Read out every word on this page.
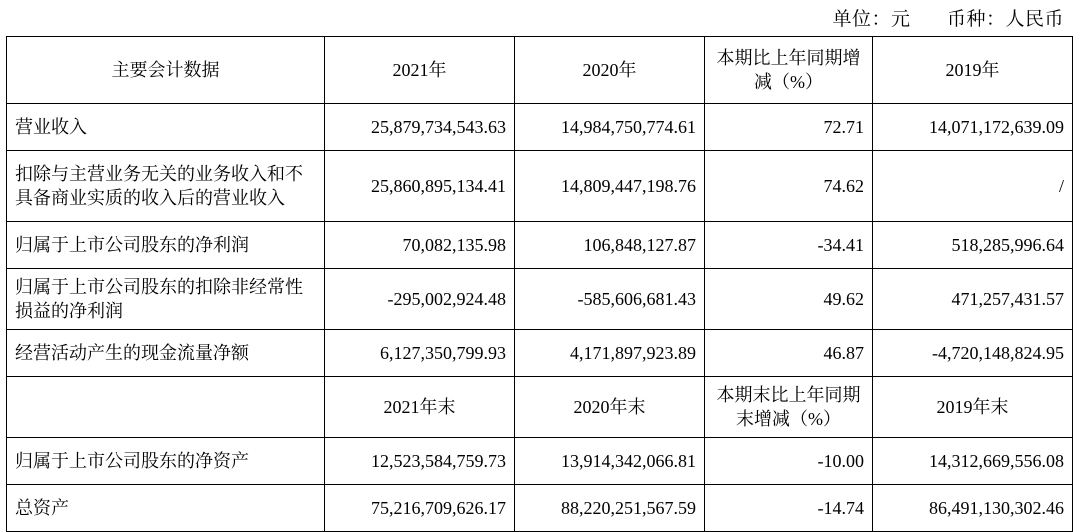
单位：元 币种：人民币
主要会计数据	2021年	2020年	本期比上年同期增减（%）	2019年
营业收入	25,879,734,543.63	14,984,750,774.61	72.71	14,071,172,639.09
扣除与主营业务无关的业务收入和不具备商业实质的收入后的营业收入	25,860,895,134.41	14,809,447,198.76	74.62	/
归属于上市公司股东的净利润	70,082,135.98	106,848,127.87	-34.41	518,285,996.64
归属于上市公司股东的扣除非经常性损益的净利润	-295,002,924.48	-585,606,681.43	49.62	471,257,431.57
经营活动产生的现金流量净额	6,127,350,799.93	4,171,897,923.89	46.87	-4,720,148,824.95
	2021年末	2020年末	本期末比上年同期末增减（%）	2019年末
归属于上市公司股东的净资产	12,523,584,759.73	13,914,342,066.81	-10.00	14,312,669,556.08
总资产	75,216,709,626.17	88,220,251,567.59	-14.74	86,491,130,302.46
